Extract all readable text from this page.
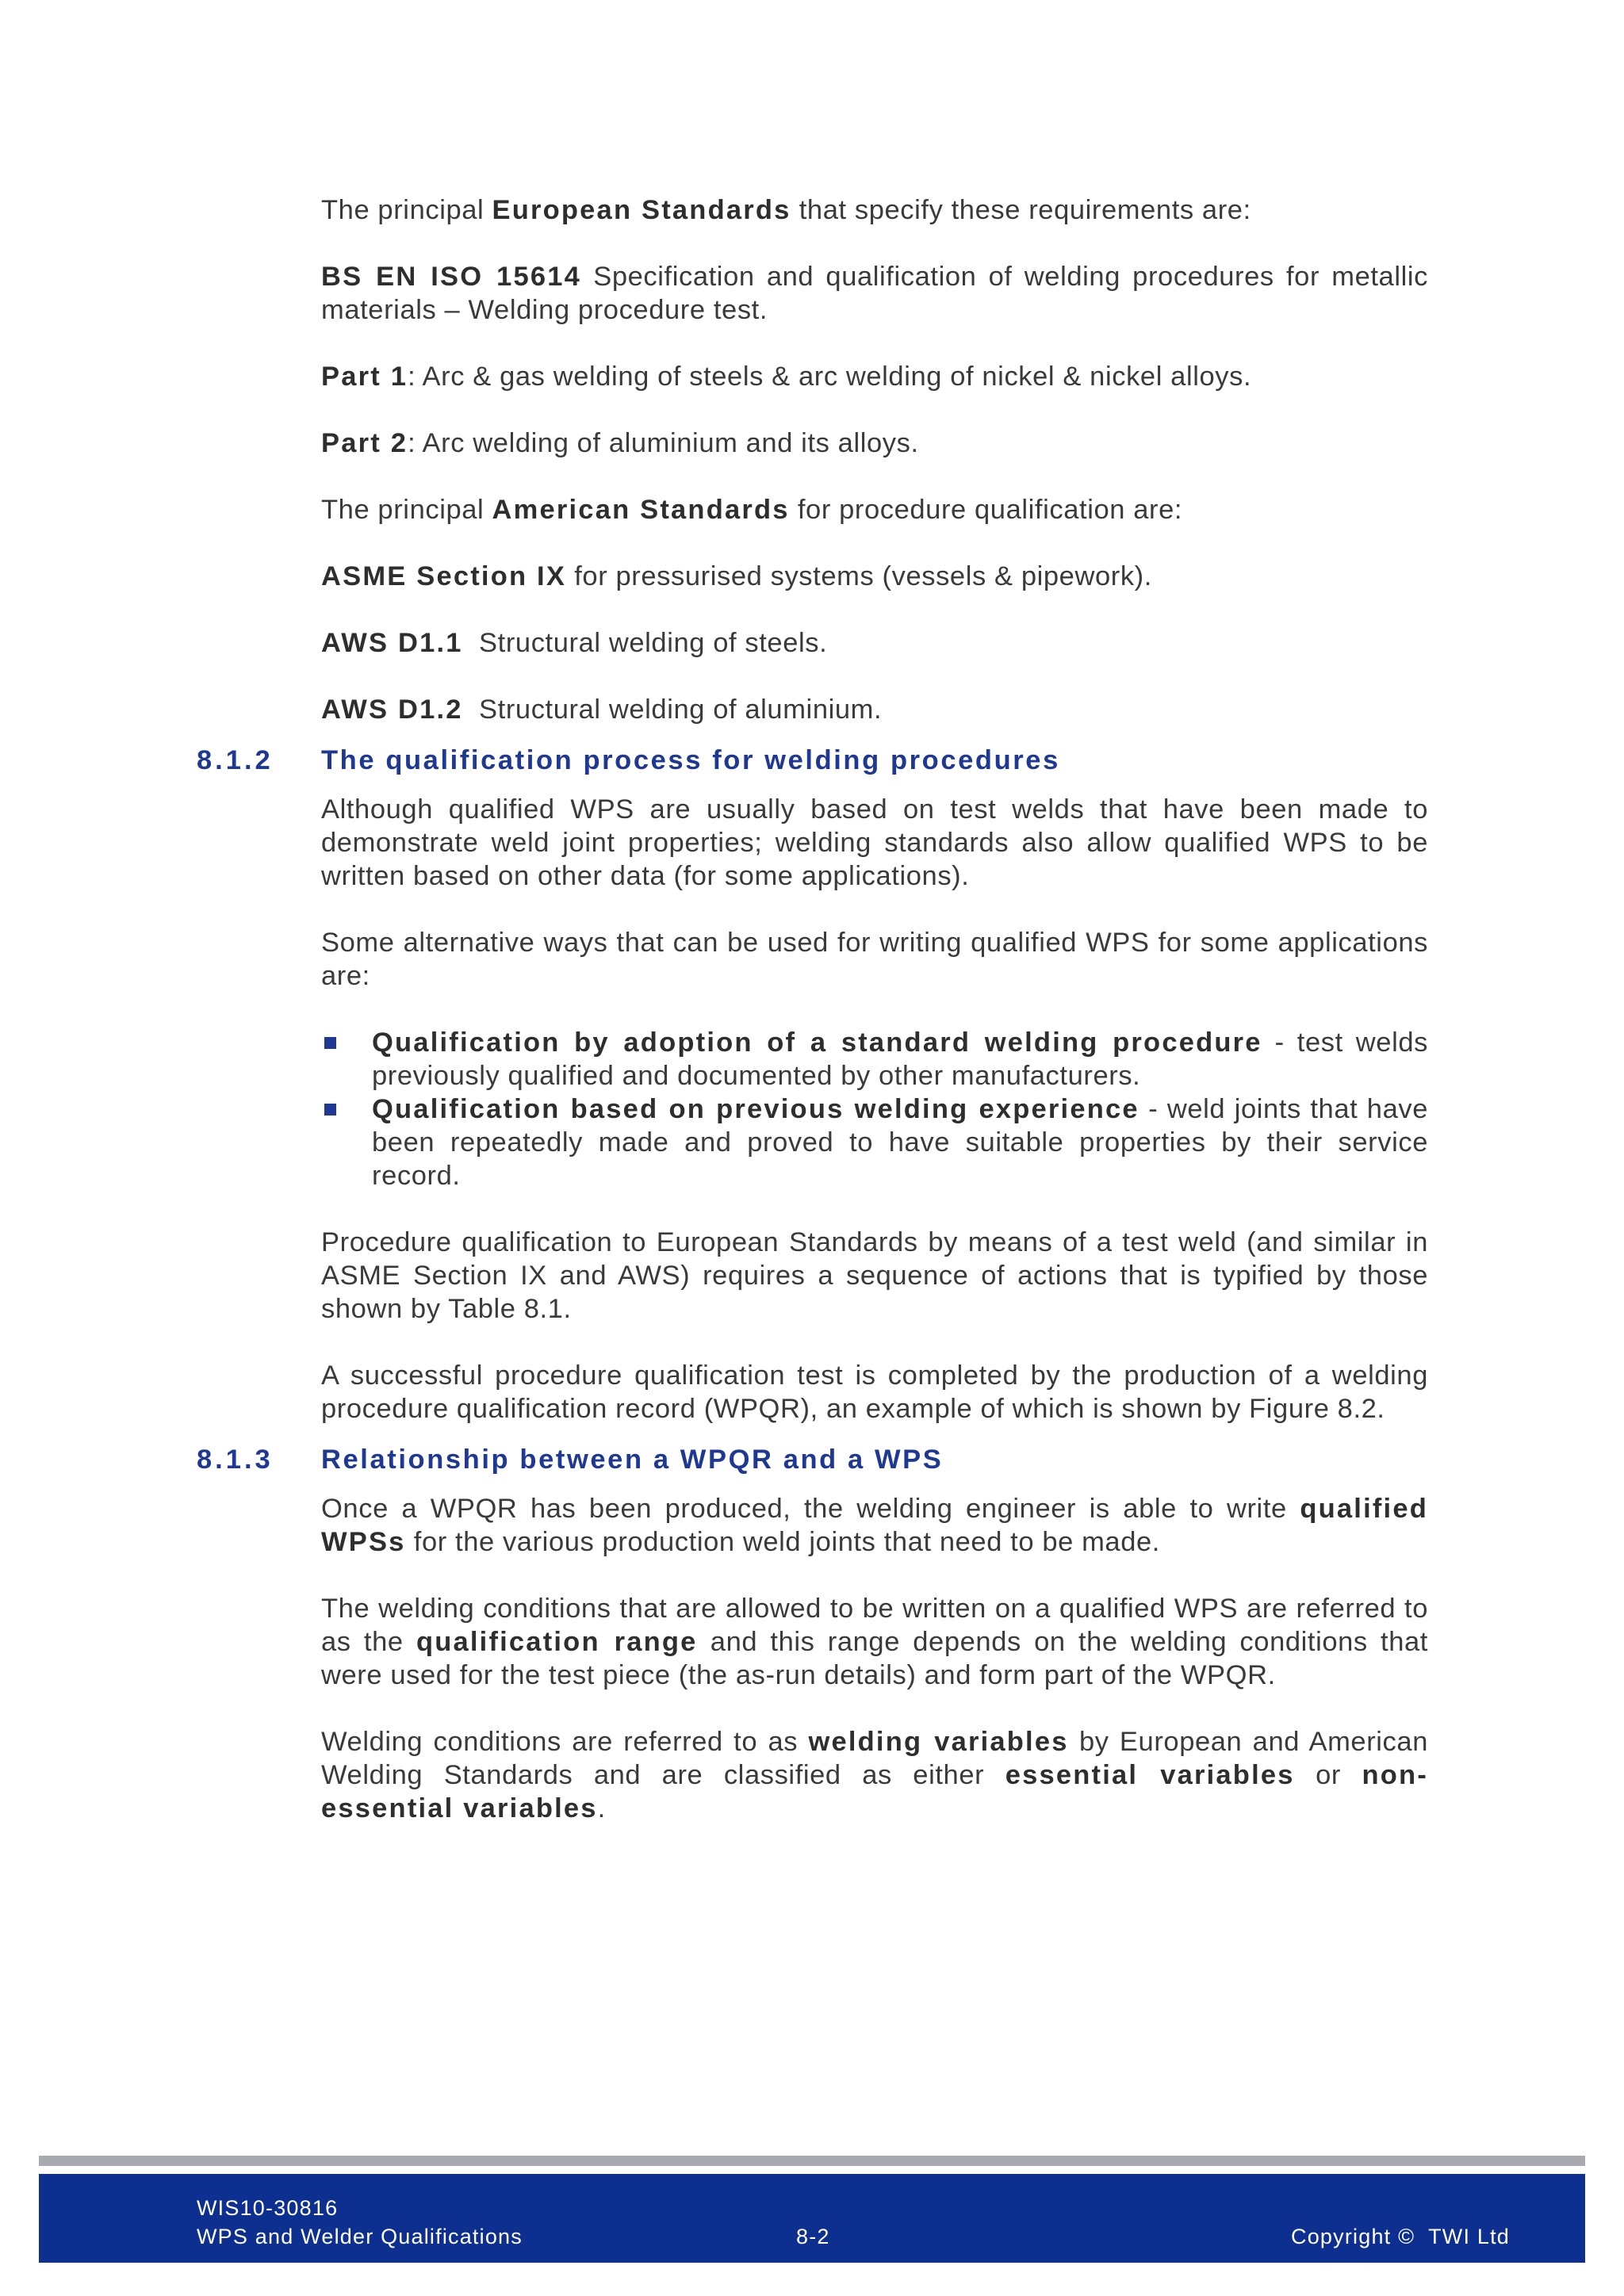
The principal European Standards that specify these requirements are:

BS EN ISO 15614 Specification and qualification of welding procedures for metallic materials – Welding procedure test.

Part 1: Arc & gas welding of steels & arc welding of nickel & nickel alloys.

Part 2: Arc welding of aluminium and its alloys.

The principal American Standards for procedure qualification are:

ASME Section IX for pressurised systems (vessels & pipework).

AWS D1.1  Structural welding of steels.

AWS D1.2  Structural welding of aluminium.

8.1.2 The qualification process for welding procedures

Although qualified WPS are usually based on test welds that have been made to demonstrate weld joint properties; welding standards also allow qualified WPS to be written based on other data (for some applications).

Some alternative ways that can be used for writing qualified WPS for some applications are:

Qualification by adoption of a standard welding procedure - test welds previously qualified and documented by other manufacturers.
Qualification based on previous welding experience - weld joints that have been repeatedly made and proved to have suitable properties by their service record.

Procedure qualification to European Standards by means of a test weld (and similar in ASME Section IX and AWS) requires a sequence of actions that is typified by those shown by Table 8.1.

A successful procedure qualification test is completed by the production of a welding procedure qualification record (WPQR), an example of which is shown by Figure 8.2.

8.1.3 Relationship between a WPQR and a WPS

Once a WPQR has been produced, the welding engineer is able to write qualified WPSs for the various production weld joints that need to be made.

The welding conditions that are allowed to be written on a qualified WPS are referred to as the qualification range and this range depends on the welding conditions that were used for the test piece (the as-run details) and form part of the WPQR.

Welding conditions are referred to as welding variables by European and American Welding Standards and are classified as either essential variables or non-essential variables.

WIS10-30816
WPS and Welder Qualifications	8-2	Copyright ©  TWI Ltd
